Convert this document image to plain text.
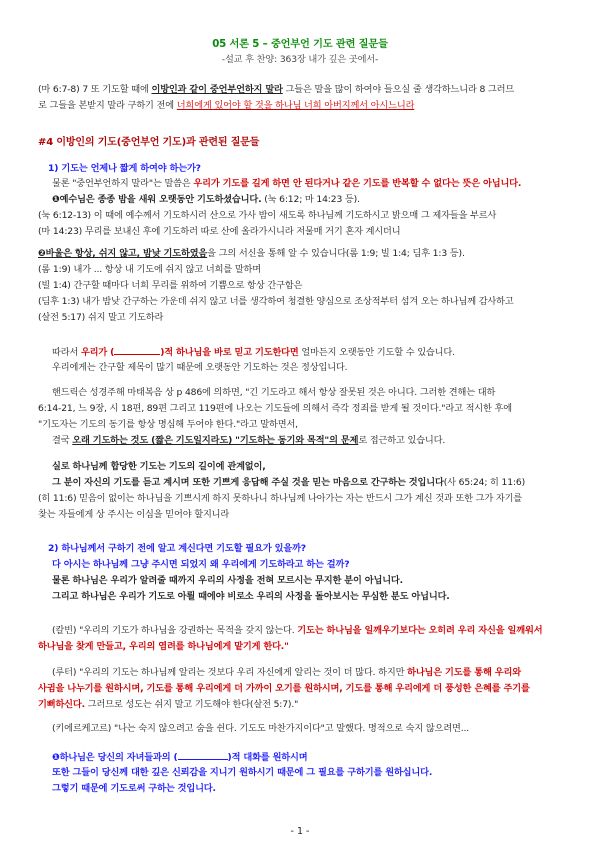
05 서론 5 – 중언부언 기도 관련 질문들
-설교 후 찬양: 363장 내가 깊은 곳에서-
(마 6:7-8) 7 또 기도할 때에 이방인과 같이 중언부언하지 말라 그들은 말을 많이 하여야 들으실 줄 생각하느니라 8 그러므
로 그들을 본받지 말라 구하기 전에 너희에게 있어야 할 것을 하나님 너희 아버지께서 아시느니라
#4 이방인의 기도(중언부언 기도)과 관련된 질문들
1) 기도는 언제나 짧게 하여야 하는가?
물론 "중언부언하지 말라"는 말씀은 우리가 기도를 길게 하면 안 된다거나 같은 기도를 반복할 수 없다는 뜻은 아닙니다.
❶예수님은 종종 밤을 새워 오랫동안 기도하셨습니다. (눅 6:12; 마 14:23 등).
(눅 6:12-13) 이 때에 예수께서 기도하시러 산으로 가사 밤이 새도록 하나님께 기도하시고 밝으매 그 제자들을 부르사
(마 14:23) 무리를 보내신 후에 기도하러 따로 산에 올라가시니라 저물매 거기 혼자 계시더니
❷바울은 항상, 쉬지 않고, 밤낮 기도하였음을 그의 서신을 통해 알 수 있습니다(롬 1:9; 빌 1:4; 딤후 1:3 등).
(롬 1:9) 내가 ... 항상 내 기도에 쉬지 않고 너희를 말하며
(빌 1:4) 간구할 때마다 너희 무리를 위하여 기쁨으로 항상 간구함은
(딤후 1:3) 내가 밤낮 간구하는 가운데 쉬지 않고 너를 생각하여 청결한 양심으로 조상적부터 섬겨 오는 하나님께 감사하고
(살전 5:17) 쉬지 말고 기도하라
따라서 우리가 (	)적 하나님을 바로 믿고 기도한다면 얼마든지 오랫동안 기도할 수 있습니다.
우리에게는 간구할 제목이 많기 때문에 오랫동안 기도하는 것은 정상입니다.
핸드릭슨 성경주해 마태복음 상 p 486에 의하면, "긴 기도라고 해서 항상 잘못된 것은 아니다. 그러한 견해는 대하
6:14-21, 느 9장, 시 18편, 89편 그리고 119편에 나오는 기도들에 의해서 즉각 정죄를 받게 될 것이다."라고 적시한 후에
"기도자는 기도의 동기를 항상 명심해 두어야 한다."라고 말하면서,
결국 오래 기도하는 것도 (짧은 기도일지라도) "기도하는 동기와 목적"의 문제로 접근하고 있습니다.
실로 하나님께 합당한 기도는 기도의 길이에 관계없이,
그 분이 자신의 기도를 듣고 계시며 또한 기쁘게 응답해 주실 것을 믿는 마음으로 간구하는 것입니다(사 65:24; 히 11:6)
(히 11:6) 믿음이 없이는 하나님을 기쁘시게 하지 못하나니 하나님께 나아가는 자는 반드시 그가 계신 것과 또한 그가 자기를
찾는 자들에게 상 주시는 이심을 믿어야 할지니라
2) 하나님께서 구하기 전에 알고 계신다면 기도할 필요가 있을까?
다 아시는 하나님께 그냥 주시면 되었지 왜 우리에게 기도하라고 하는 걸까?
물론 하나님은 우리가 알려줄 때까지 우리의 사정을 전혀 모르시는 무지한 분이 아닙니다.
그리고 하나님은 우리가 기도로 아뢸 때에야 비로소 우리의 사정을 돌아보시는 무심한 분도 아닙니다.
(칼빈) "우리의 기도가 하나님을 강권하는 목적을 갖지 않는다. 기도는 하나님을 일깨우기보다는 오히려 우리 자신을 일깨워서
하나님을 찾게 만들고, 우리의 염려를 하나님에게 맡기게 한다."
(루터) "우리의 기도는 하나님께 알리는 것보다 우리 자신에게 알리는 것이 더 많다. 하지만 하나님은 기도를 통해 우리와
사귐을 나누기를 원하시며, 기도를 통해 우리에게 더 가까이 오기를 원하시며, 기도를 통해 우리에게 더 풍성한 은혜를 주기를
기뻐하신다. 그러므로 성도는 쉬지 말고 기도해야 한다(살전 5:7)."
(키에르케고르) "나는 숙지 않으려고 숨을 쉰다. 기도도 마찬가지이다"고 말했다. 명적으로 숙지 않으려면...
❶하나님은 당신의 자녀들과의 (	)적 대화를 원하시며
또한 그들이 당신께 대한 깊은 신뢰감을 지니기 원하시기 때문에 그 필요를 구하기를 원하십니다.
그렇기 때문에 기도로써 구하는 것입니다.
- 1 -
